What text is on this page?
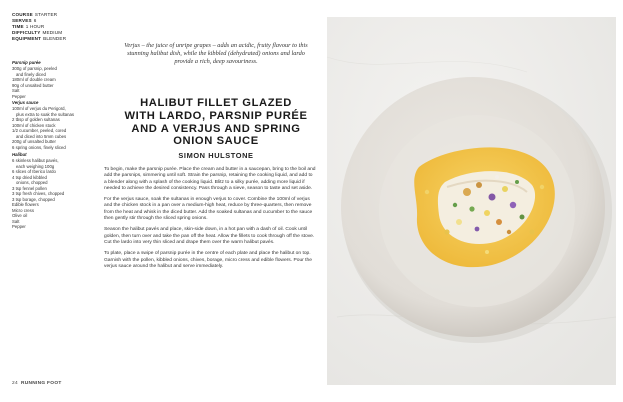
COURSE STARTER
SERVES 6
TIME 1 HOUR
DIFFICULTY MEDIUM
EQUIPMENT BLENDER
Parsnip purée
300g of parsnip, peeled
and finely diced
180ml of double cream
90g of unsalted butter
Salt
Pepper
Verjus sauce
100ml of verjus du Perigord,
plus extra to soak the sultanas
2 tbsp of golden sultanas
100ml of chicken stock
1/2 cucumber, peeled, cored
and diced into 5mm cubes
200g of unsalted butter
6 spring onions, finely sliced
Halibut
6 skinless halibut pavés,
each weighing 100g
6 slices of Iberico lardo
4 tsp dried kibbled
onions, chopped
3 tsp fennel pollen
3 tsp fresh chives, chopped
3 tsp borage, chopped
Edible flowers
Micro cress
Olive oil
Salt
Pepper
Verjus – the juice of unripe grapes – adds an acidic, fruity flavour to this stunning halibut dish, while the kibbled (dehydrated) onions and lardo provide a rich, deep savouriness.
HALIBUT FILLET GLAZED
WITH LARDO, PARSNIP PURÉE
AND A VERJUS AND SPRING
ONION SAUCE
SIMON HULSTONE

To begin, make the parsnip purée. Place the cream and butter in a saucepan, bring to the boil and add the parsnips, simmering until soft. Strain the parsnip, retaining the cooking liquid, and add to a blender along with a splash of the cooking liquid. Blitz to a silky purée, adding more liquid if needed to achieve the desired consistency. Pass through a sieve, season to taste and set aside.

For the verjus sauce, soak the sultanas in enough verjus to cover. Combine the 100ml of verjus and the chicken stock in a pan over a medium-high heat, reduce by three-quarters, then remove from the heat and whisk in the diced butter. Add the soaked sultanas and cucumber to the sauce then gently stir through the sliced spring onions.

Season the halibut pavés and place, skin-side down, in a hot pan with a dash of oil. Cook until golden, then turn over and take the pan off the heat. Allow the fillets to cook through off the stove. Cut the lardo into very thin sliced and drape them over the warm halibut pavés.

To plate, place a swipe of parsnip purée in the centre of each plate and place the halibut on top. Garnish with the pollen, kibbled onions, chives, borage, micro cress and edible flowers. Pour the verjus sauce around the halibut and serve immediately.

24 RUNNING FOOT
